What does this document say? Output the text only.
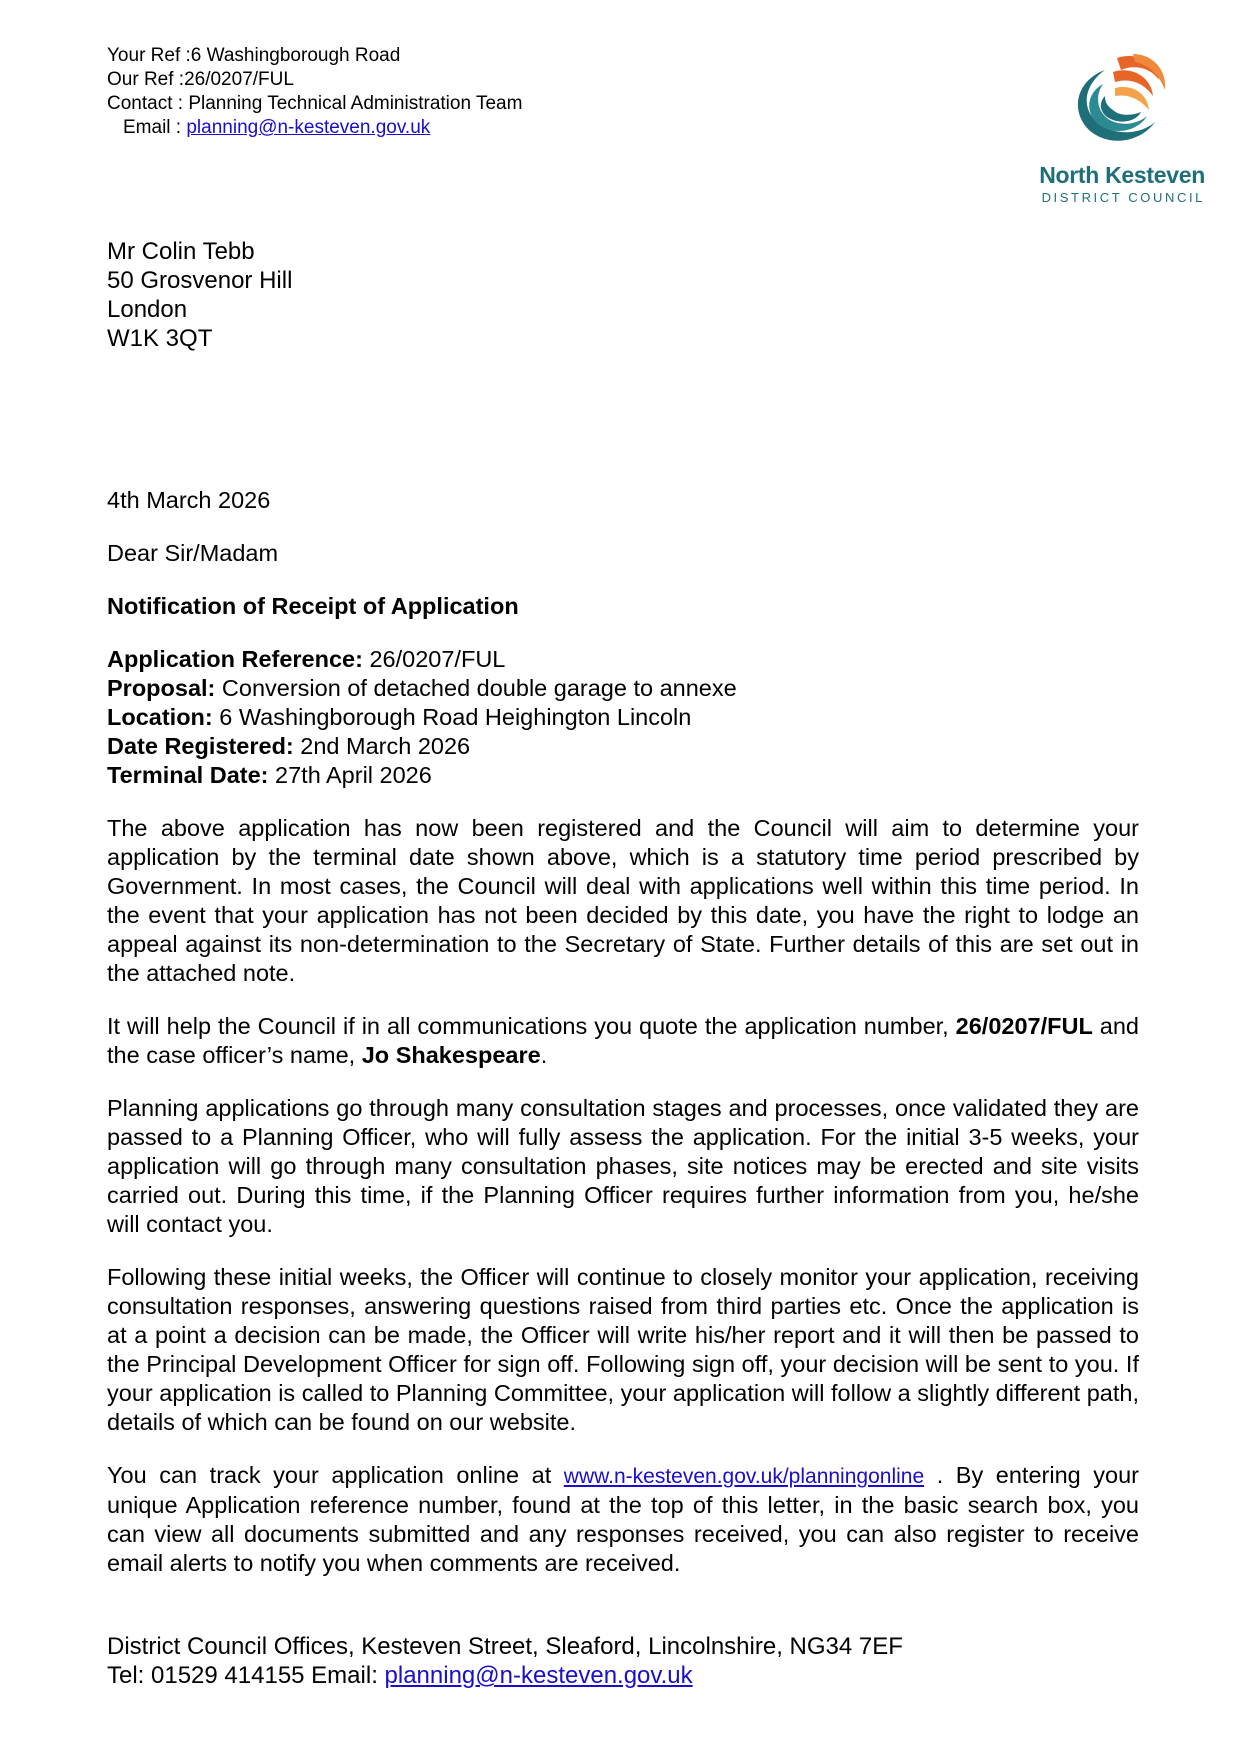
Your Ref :6 Washingborough Road
Our Ref :26/0207/FUL
Contact : Planning Technical Administration Team
Email : planning@n-kesteven.gov.uk
North Kesteven
DISTRICT COUNCIL
Mr Colin Tebb
50 Grosvenor Hill
London
W1K 3QT

4th March 2026

Dear Sir/Madam

Notification of Receipt of Application

Application Reference: 26/0207/FUL
Proposal: Conversion of detached double garage to annexe
Location: 6 Washingborough Road Heighington Lincoln
Date Registered: 2nd March 2026
Terminal Date: 27th April 2026

The above application has now been registered and the Council will aim to determine your application by the terminal date shown above, which is a statutory time period prescribed by Government. In most cases, the Council will deal with applications well within this time period. In the event that your application has not been decided by this date, you have the right to lodge an appeal against its non-determination to the Secretary of State. Further details of this are set out in the attached note.

It will help the Council if in all communications you quote the application number, 26/0207/FUL and the case officer’s name, Jo Shakespeare.

Planning applications go through many consultation stages and processes, once validated they are passed to a Planning Officer, who will fully assess the application. For the initial 3-5 weeks, your application will go through many consultation phases, site notices may be erected and site visits carried out. During this time, if the Planning Officer requires further information from you, he/she will contact you.

Following these initial weeks, the Officer will continue to closely monitor your application, receiving consultation responses, answering questions raised from third parties etc. Once the application is at a point a decision can be made, the Officer will write his/her report and it will then be passed to the Principal Development Officer for sign off. Following sign off, your decision will be sent to you. If your application is called to Planning Committee, your application will follow a slightly different path, details of which can be found on our website.

You can track your application online at www.n-kesteven.gov.uk/planningonline . By entering your unique Application reference number, found at the top of this letter, in the basic search box, you can view all documents submitted and any responses received, you can also register to receive email alerts to notify you when comments are received.

District Council Offices, Kesteven Street, Sleaford, Lincolnshire, NG34 7EF
Tel: 01529 414155 Email: planning@n-kesteven.gov.uk
